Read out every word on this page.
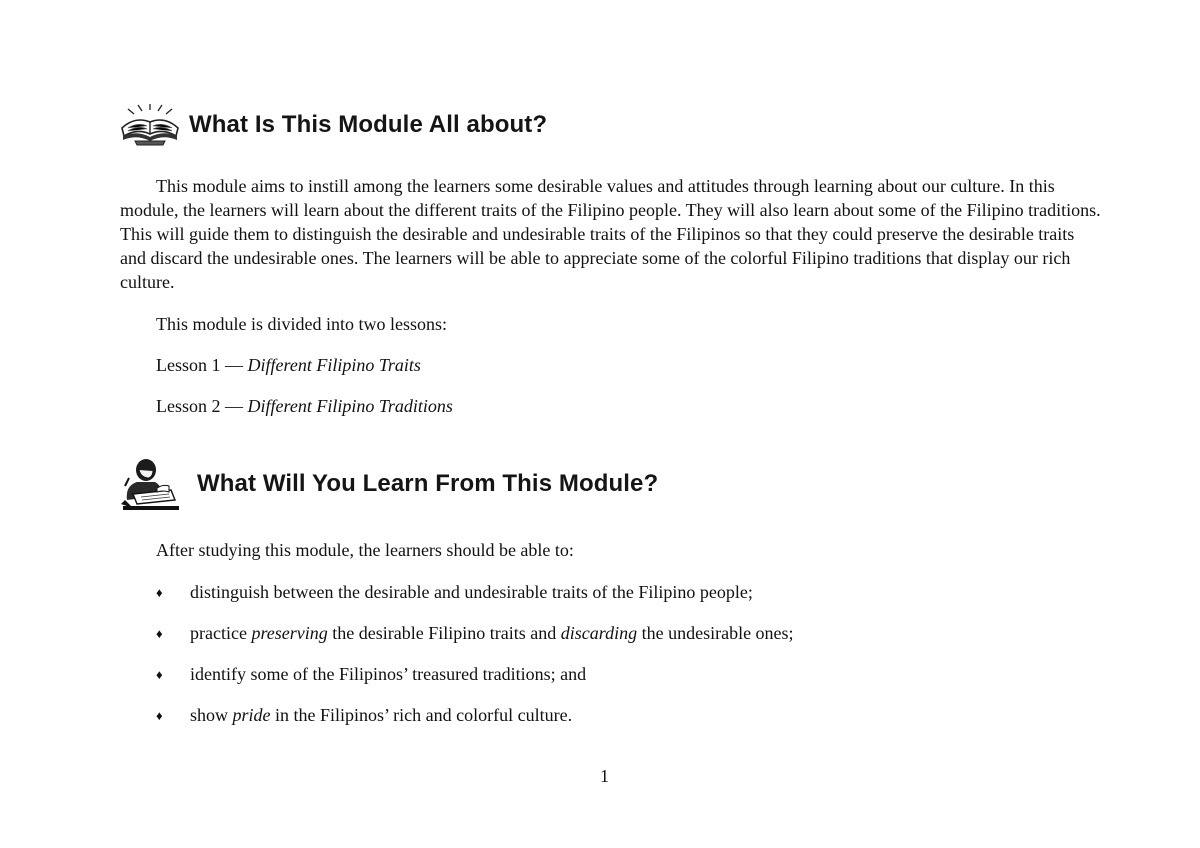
What Is This Module All about?

This module aims to instill among the learners some desirable values and attitudes through learning about our culture. In this module, the learners will learn about the different traits of the Filipino people. They will also learn about some of the Filipino traditions. This will guide them to distinguish the desirable and undesirable traits of the Filipinos so that they could preserve the desirable traits and discard the undesirable ones. The learners will be able to appreciate some of the colorful Filipino traditions that display our rich culture.

This module is divided into two lessons:

Lesson 1 — Different Filipino Traits

Lesson 2 — Different Filipino Traditions

What Will You Learn From This Module?

After studying this module, the learners should be able to:

♦	distinguish between the desirable and undesirable traits of the Filipino people;
♦	practice preserving the desirable Filipino traits and discarding the undesirable ones;
♦	identify some of the Filipinos’ treasured traditions; and
♦	show pride in the Filipinos’ rich and colorful culture.
1
